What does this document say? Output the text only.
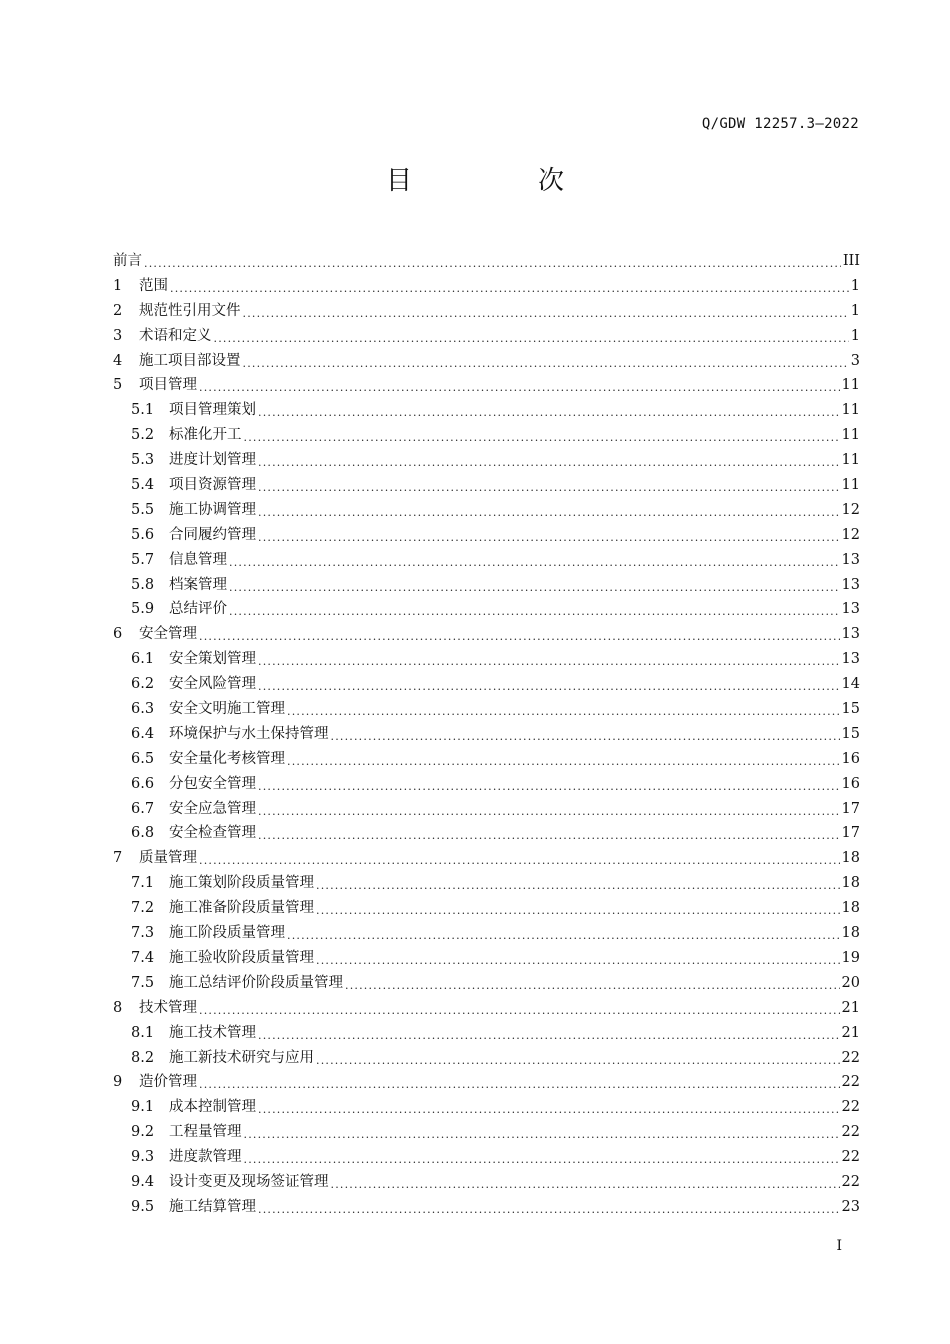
Q/GDW 12257.3—2022
目　次
前言 .....	III
1	范围 .....	1
2	规范性引用文件 .....	1
3	术语和定义 .....	1
4	施工项目部设置 .....	3
5	项目管理 .....	11
5.1	项目管理策划 .....	11
5.2	标准化开工 .....	11
5.3	进度计划管理 .....	11
5.4	项目资源管理 .....	11
5.5	施工协调管理 .....	12
5.6	合同履约管理 .....	12
5.7	信息管理 .....	13
5.8	档案管理 .....	13
5.9	总结评价 .....	13
6	安全管理 .....	13
6.1	安全策划管理 .....	13
6.2	安全风险管理 .....	14
6.3	安全文明施工管理 .....	15
6.4	环境保护与水土保持管理 .....	15
6.5	安全量化考核管理 .....	16
6.6	分包安全管理 .....	16
6.7	安全应急管理 .....	17
6.8	安全检查管理 .....	17
7	质量管理 .....	18
7.1	施工策划阶段质量管理 .....	18
7.2	施工准备阶段质量管理 .....	18
7.3	施工阶段质量管理 .....	18
7.4	施工验收阶段质量管理 .....	19
7.5	施工总结评价阶段质量管理 .....	20
8	技术管理 .....	21
8.1	施工技术管理 .....	21
8.2	施工新技术研究与应用 .....	22
9	造价管理 .....	22
9.1	成本控制管理 .....	22
9.2	工程量管理 .....	22
9.3	进度款管理 .....	22
9.4	设计变更及现场签证管理 .....	22
9.5	施工结算管理 .....	23
I
